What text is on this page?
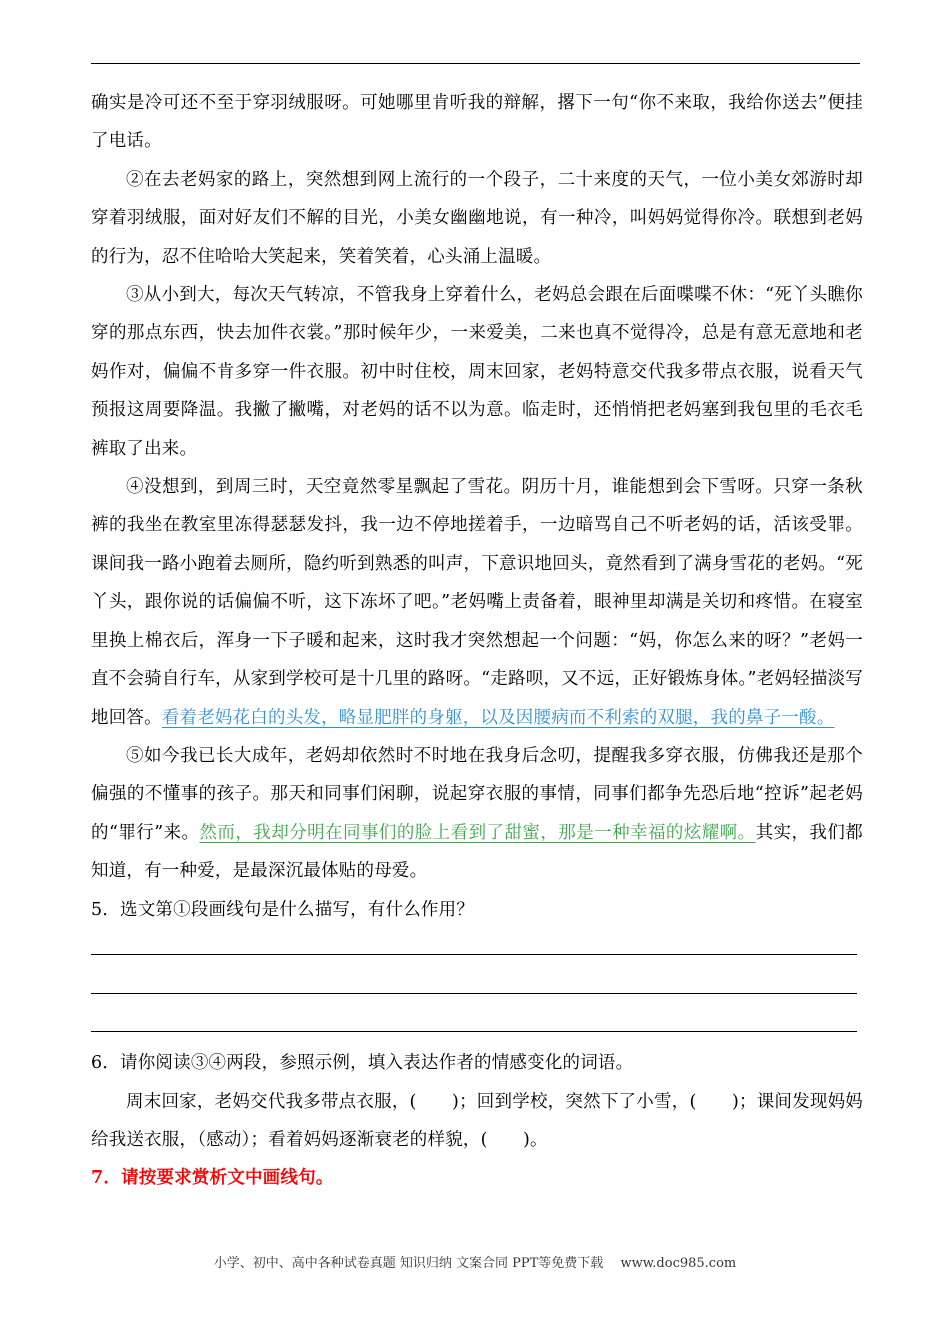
确实是冷可还不至于穿羽绒服呀。可她哪里肯听我的辩解，撂下一句“你不来取，我给你送去”便挂了电话。

②在去老妈家的路上，突然想到网上流行的一个段子，二十来度的天气，一位小美女郊游时却穿着羽绒服，面对好友们不解的目光，小美女幽幽地说，有一种冷，叫妈妈觉得你冷。联想到老妈的行为，忍不住哈哈大笑起来，笑着笑着，心头涌上温暖。

③从小到大，每次天气转凉，不管我身上穿着什么，老妈总会跟在后面喋喋不休：“死丫头瞧你穿的那点东西，快去加件衣裳。”那时候年少，一来爱美，二来也真不觉得冷，总是有意无意地和老妈作对，偏偏不肯多穿一件衣服。初中时住校，周末回家，老妈特意交代我多带点衣服，说看天气预报这周要降温。我撇了撇嘴，对老妈的话不以为意。临走时，还悄悄把老妈塞到我包里的毛衣毛裤取了出来。

④没想到，到周三时，天空竟然零星飘起了雪花。阴历十月，谁能想到会下雪呀。只穿一条秋裤的我坐在教室里冻得瑟瑟发抖，我一边不停地搓着手，一边暗骂自己不听老妈的话，活该受罪。课间我一路小跑着去厕所，隐约听到熟悉的叫声，下意识地回头，竟然看到了满身雪花的老妈。“死丫头，跟你说的话偏偏不听，这下冻坏了吧。”老妈嘴上责备着，眼神里却满是关切和疼惜。在寝室里换上棉衣后，浑身一下子暖和起来，这时我才突然想起一个问题：“妈，你怎么来的呀？”老妈一直不会骑自行车，从家到学校可是十几里的路呀。“走路呗，又不远，正好锻炼身体。”老妈轻描淡写地回答。看着老妈花白的头发，略显肥胖的身躯，以及因腰病而不利索的双腿，我的鼻子一酸。

⑤如今我已长大成年，老妈却依然时不时地在我身后念叨，提醒我多穿衣服，仿佛我还是那个偏强的不懂事的孩子。那天和同事们闲聊，说起穿衣服的事情，同事们都争先恐后地“控诉”起老妈的“罪行”来。然而，我却分明在同事们的脸上看到了甜蜜，那是一种幸福的炫耀啊。其实，我们都知道，有一种爱，是最深沉最体贴的母爱。

5．选文第①段画线句是什么描写，有什么作用？

6．请你阅读③④两段，参照示例，填入表达作者的情感变化的词语。

周末回家，老妈交代我多带点衣服，(　　)；回到学校，突然下了小雪，(　　)；课间发现妈妈给我送衣服，（感动）；看着妈妈逐渐衰老的样貌，(　　)。

7．请按要求赏析文中画线句。

小学、初中、高中各种试卷真题 知识归纳 文案合同 PPT等免费下载　 www.doc985.com
